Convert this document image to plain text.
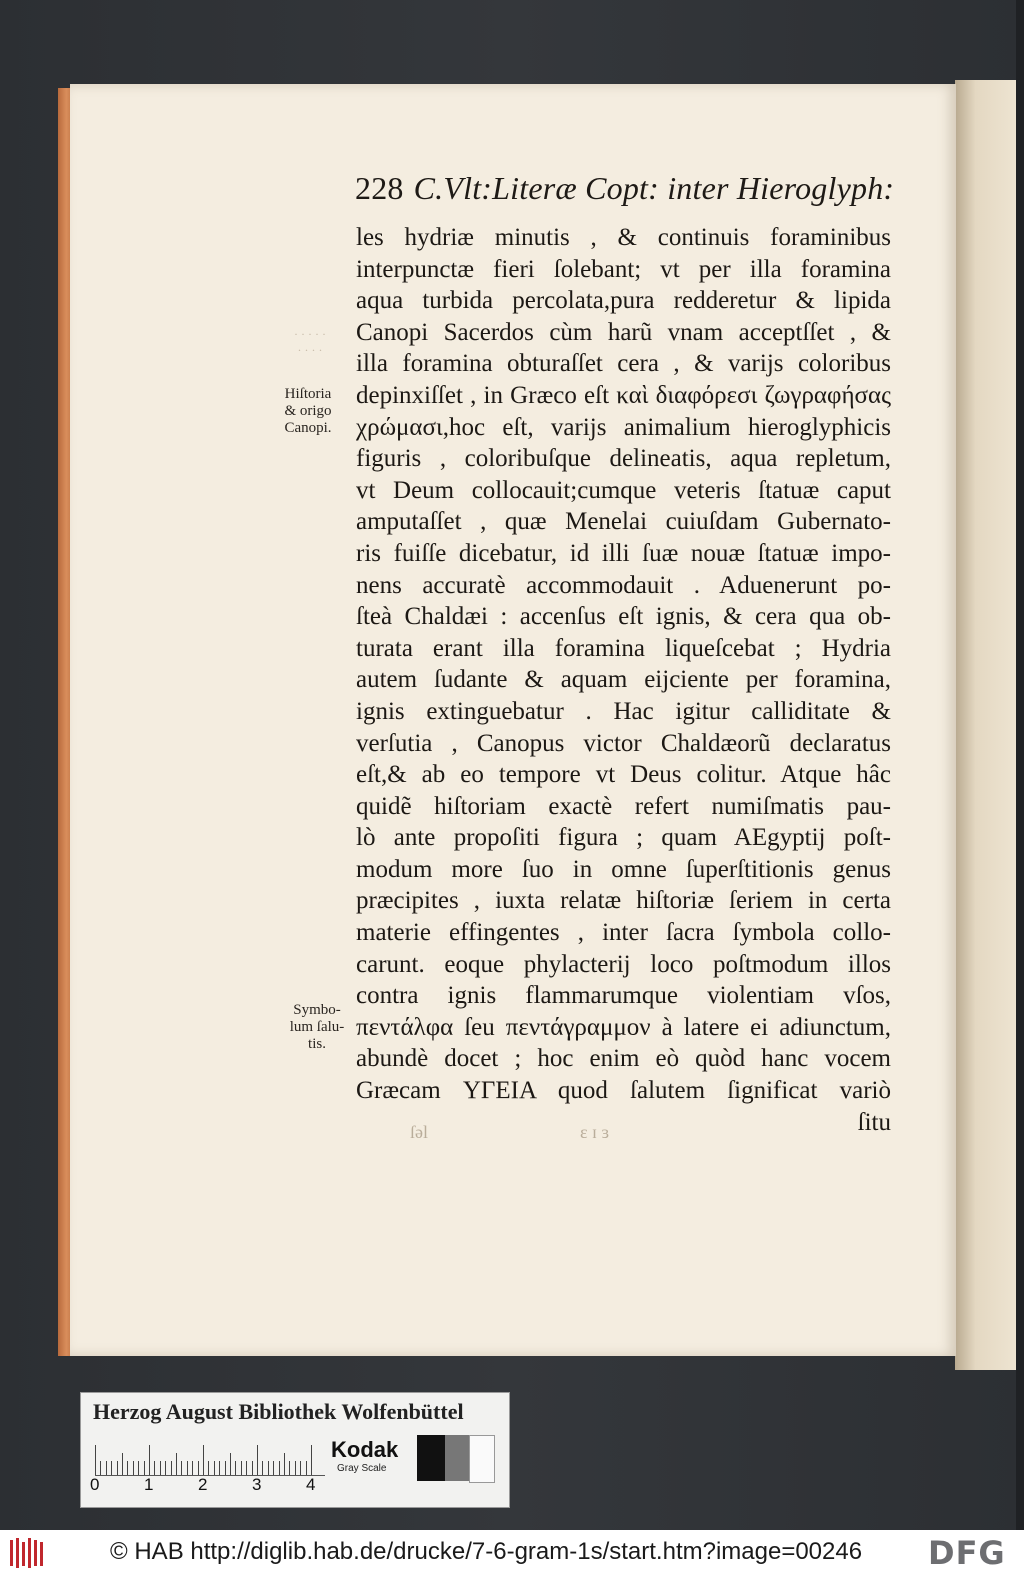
228 C.Vlt:Literæ Copt: inter Hieroglyph:
· · · · ·
· · · ·
Hiſtoria
& origo
Canopi.
Symbo-
lum ſalu-
tis.
les hydriæ minutis , & continuis foraminibus
interpunctæ fieri ſolebant; vt per illa foramina
aqua turbida percolata,pura redderetur & lipida
Canopi Sacerdos cùm harũ vnam acceptſſet , &
illa foramina obturaſſet cera , & varijs coloribus
depinxiſſet , in Græco eſt καὶ διαφόρεσι ζωγραφήσας
χρώμασι,hoc eſt, varijs animalium hieroglyphicis
figuris , coloribuſque delineatis, aqua repletum,
vt Deum collocauit;cumque veteris ſtatuæ caput
amputaſſet , quæ Menelai cuiuſdam Gubernato-
ris fuiſſe dicebatur, id illi ſuæ nouæ ſtatuæ impo-
nens accuratè accommodauit . Aduenerunt po-
ſteà Chaldæi : accenſus eſt ignis, & cera qua ob-
turata erant illa foramina liqueſcebat ; Hydria
autem ſudante & aquam eijciente per foramina,
ignis extinguebatur . Hac igitur calliditate &
verſutia , Canopus victor Chaldæorũ declaratus
eſt,& ab eo tempore vt Deus colitur. Atque hâc
quidẽ hiſtoriam exactè refert numiſmatis pau-
lò ante propoſiti figura ; quam AEgyptij poſt-
modum more ſuo in omne ſuperſtitionis genus
præcipites , iuxta relatæ hiſtoriæ ſeriem in certa
materie effingentes , inter ſacra ſymbola collo-
carunt. eoque phylacterij loco poſtmodum illos
contra ignis flammarumque violentiam vſos,
πεντάλφα ſeu πεντάγραμμον à latere ei adiunctum,
abundè docet ; hoc enim eò quòd hanc vocem
Græcam ΥΓΕΙΑ quod ſalutem ſignificat variò
ſitu
ſəl	ɛ ɪ ɜ
Herzog August Bibliothek Wolfenbüttel
Kodak
Gray Scale
0	1	2	3	4
© HAB http://diglib.hab.de/drucke/7-6-gram-1s/start.htm?image=00246 DFG
